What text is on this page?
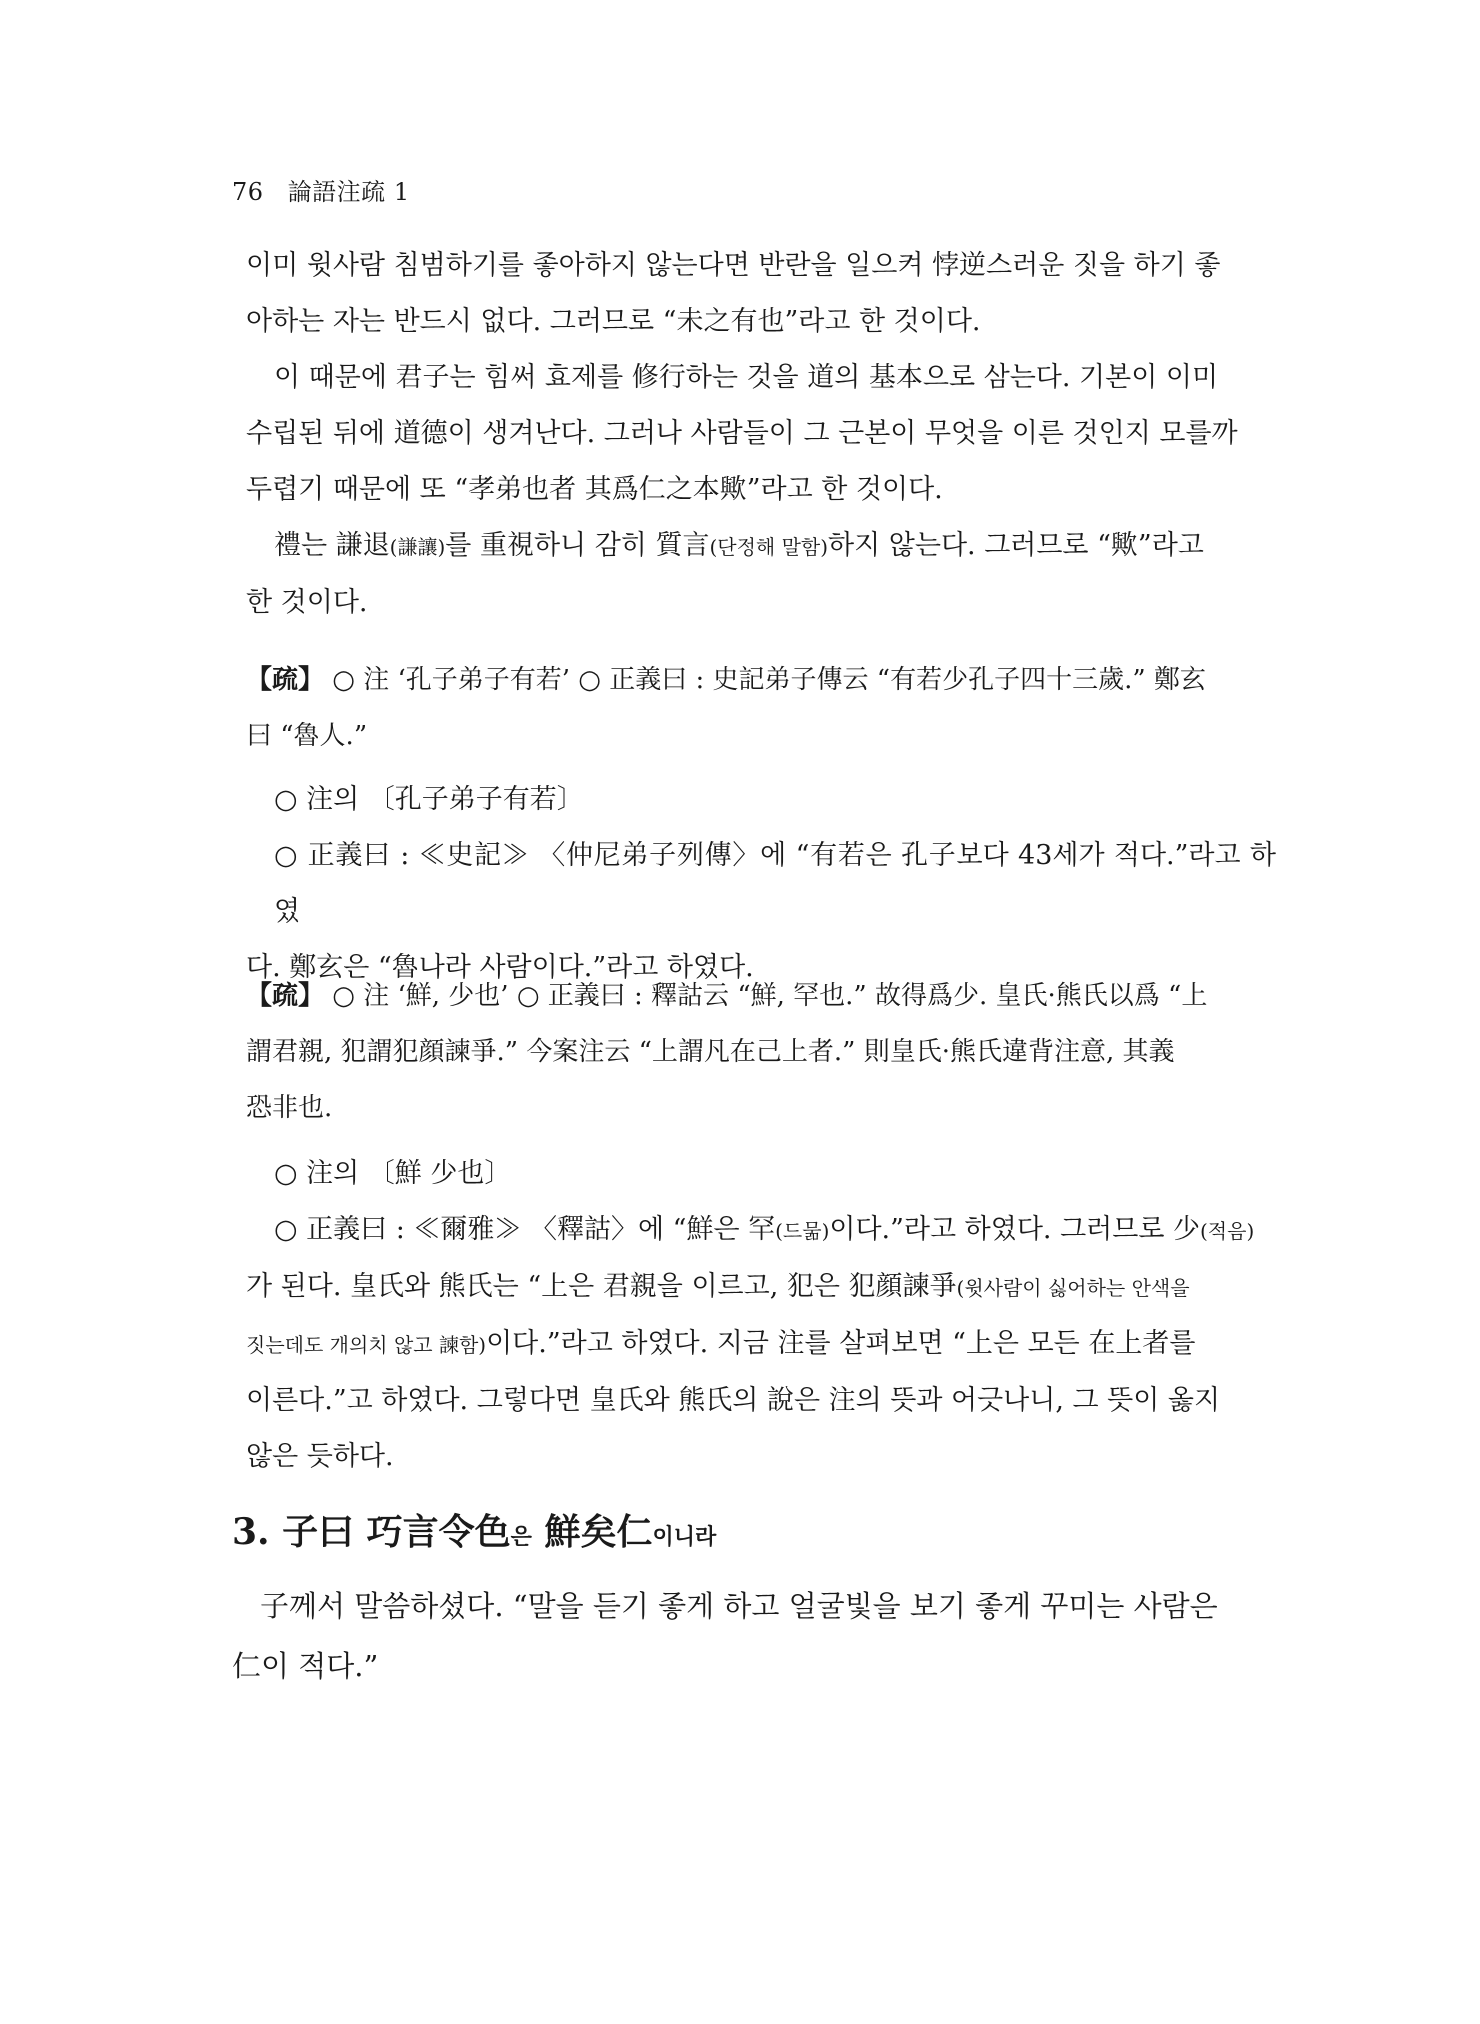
76 論語注疏 1

이미 윗사람 침범하기를 좋아하지 않는다면 반란을 일으켜 悖逆스러운 짓을 하기 좋

아하는 자는 반드시 없다. 그러므로 “未之有也”라고 한 것이다.

이 때문에 君子는 힘써 효제를 修行하는 것을 道의 基本으로 삼는다. 기본이 이미

수립된 뒤에 道德이 생겨난다. 그러나 사람들이 그 근본이 무엇을 이른 것인지 모를까

두렵기 때문에 또 “孝弟也者 其爲仁之本歟”라고 한 것이다.

禮는 謙退(謙讓)를 重視하니 감히 質言(단정해 말함)하지 않는다. 그러므로 “歟”라고

한 것이다.

【疏】 ○ 注 ‘孔子弟子有若’ ○ 正義曰 : 史記弟子傳云 “有若少孔子四十三歲.” 鄭玄

曰 “魯人.”

○ 注의 〔孔子弟子有若〕

○ 正義曰 : ≪史記≫ 〈仲尼弟子列傳〉에 “有若은 孔子보다 43세가 적다.”라고 하였

다. 鄭玄은 “魯나라 사람이다.”라고 하였다.

【疏】 ○ 注 ‘鮮, 少也’ ○ 正義曰 : 釋詁云 “鮮, 罕也.” 故得爲少. 皇氏·熊氏以爲 “上

謂君親, 犯謂犯顔諫爭.” 今案注云 “上謂凡在己上者.” 則皇氏·熊氏違背注意, 其義

恐非也.

○ 注의 〔鮮 少也〕

○ 正義曰 : ≪爾雅≫ 〈釋詁〉에 “鮮은 罕(드묾)이다.”라고 하였다. 그러므로 少(적음)

가 된다. 皇氏와 熊氏는 “上은 君親을 이르고, 犯은 犯顔諫爭(윗사람이 싫어하는 안색을

짓는데도 개의치 않고 諫함)이다.”라고 하였다. 지금 注를 살펴보면 “上은 모든 在上者를

이른다.”고 하였다. 그렇다면 皇氏와 熊氏의 說은 注의 뜻과 어긋나니, 그 뜻이 옳지

않은 듯하다.

3. 子曰 巧言令色은 鮮矣仁이니라

子께서 말씀하셨다. “말을 듣기 좋게 하고 얼굴빛을 보기 좋게 꾸미는 사람은

仁이 적다.”
